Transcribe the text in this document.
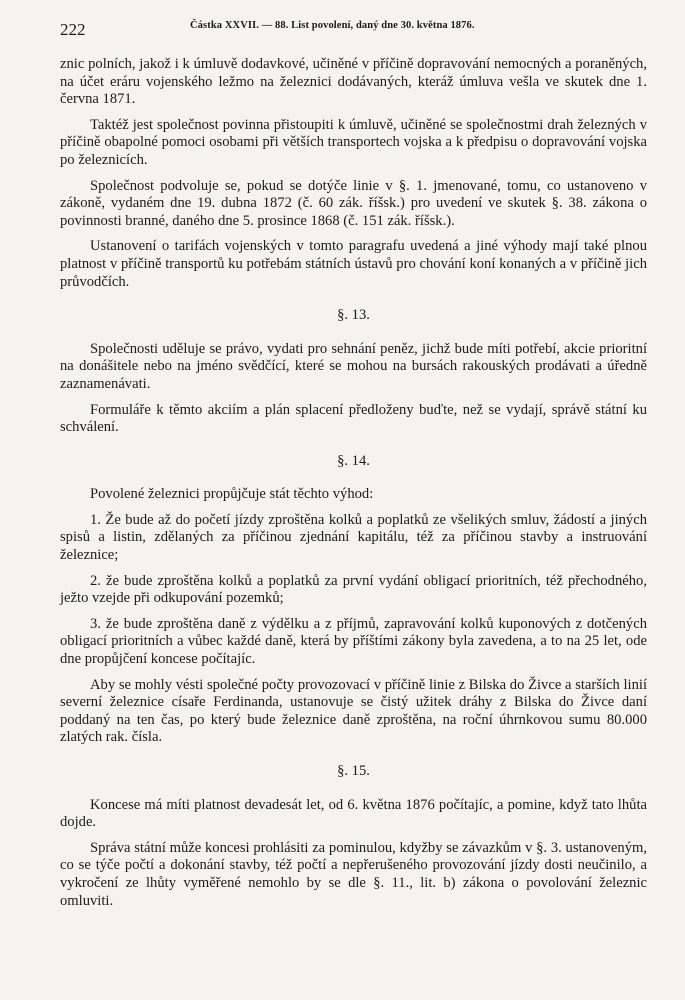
222	Částka XXVII. — 88. List povolení, daný dne 30. května 1876.

znic polních, jakož i k úmluvě dodavkové, učiněné v příčině dopravování nemocných a poraněných, na účet eráru vojenského ležmo na železnici dodávaných, kteráž úmluva vešla ve skutek dne 1. června 1871.

Taktéž jest společnost povinna přistoupiti k úmluvě, učiněné se společnostmi drah železných v příčině obapolné pomoci osobami při větších transportech vojska a k předpisu o dopravování vojska po železnicích.

Společnost podvoluje se, pokud se dotýče linie v §. 1. jmenované, tomu, co ustanoveno v zákoně, vydaném dne 19. dubna 1872 (č. 60 zák. říšsk.) pro uvedení ve skutek §. 38. zákona o povinnosti branné, daného dne 5. prosince 1868 (č. 151 zák. říšsk.).

Ustanovení o tarifách vojenských v tomto paragrafu uvedená a jiné výhody mají také plnou platnost v příčině transportů ku potřebám státních ústavů pro chování koní konaných a v příčině jich průvodčích.

§. 13.

Společnosti uděluje se právo, vydati pro sehnání peněz, jichž bude míti potřebí, akcie prioritní na donášitele nebo na jméno svědčící, které se mohou na bursách rakouských prodávati a úředně zaznamenávati.

Formuláře k těmto akciím a plán splacení předloženy buďte, než se vydají, správě státní ku schválení.

§. 14.

Povolené železnici propůjčuje stát těchto výhod:

1. Že bude až do početí jízdy zproštěna kolků a poplatků ze všelikých smluv, žádostí a jiných spisů a listin, zdělaných za příčinou zjednání kapitálu, též za příčinou stavby a instruování železnice;

2. že bude zproštěna kolků a poplatků za první vydání obligací prioritních, též přechodného, ježto vzejde při odkupování pozemků;

3. že bude zproštěna daně z výdělku a z příjmů, zapravování kolků kuponových z dotčených obligací prioritních a vůbec každé daně, která by příštími zákony byla zavedena, a to na 25 let, ode dne propůjčení koncese počítajíc.

Aby se mohly vésti společné počty provozovací v příčině linie z Bilska do Živce a starších linií severní železnice císaře Ferdinanda, ustanovuje se čistý užitek dráhy z Bilska do Živce daní poddaný na ten čas, po který bude železnice daně zproštěna, na roční úhrnkovou sumu 80.000 zlatých rak. čísla.

§. 15.

Koncese má míti platnost devadesát let, od 6. května 1876 počítajíc, a pomine, když tato lhůta dojde.

Správa státní může koncesi prohlásiti za pominulou, kdyžby se závazkům v §. 3. ustanoveným, co se týče počtí a dokonání stavby, též počtí a nepřerušeného provozování jízdy dosti neučinilo, a vykročení ze lhůty vyměřené nemohlo by se dle §. 11., lit. b) zákona o povolování železnic omluviti.
